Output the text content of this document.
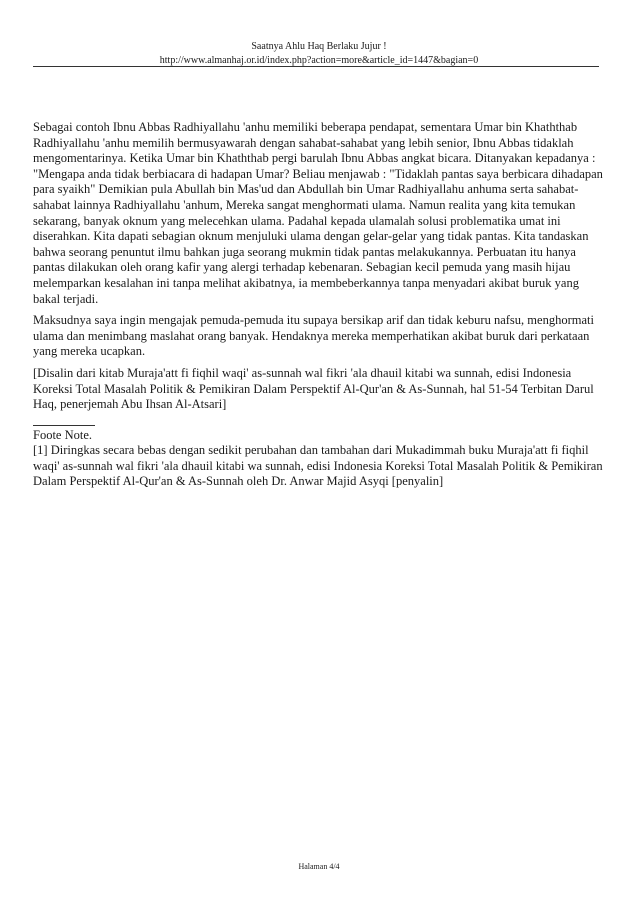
Saatnya Ahlu Haq Berlaku Jujur !
http://www.almanhaj.or.id/index.php?action=more&article_id=1447&bagian=0

Sebagai contoh Ibnu Abbas Radhiyallahu 'anhu memiliki beberapa pendapat, sementara Umar bin Khaththab Radhiyallahu 'anhu memilih bermusyawarah dengan sahabat-sahabat yang lebih senior, Ibnu Abbas tidaklah mengomentarinya. Ketika Umar bin Khaththab pergi barulah Ibnu Abbas angkat bicara. Ditanyakan kepadanya : "Mengapa anda tidak berbiacara di hadapan Umar? Beliau menjawab : "Tidaklah pantas saya berbicara dihadapan para syaikh" Demikian pula Abullah bin Mas'ud dan Abdullah bin Umar Radhiyallahu anhuma serta sahabat-sahabat lainnya Radhiyallahu 'anhum, Mereka sangat menghormati ulama. Namun realita yang kita temukan sekarang, banyak oknum yang melecehkan ulama. Padahal kepada ulamalah solusi problematika umat ini diserahkan. Kita dapati sebagian oknum menjuluki ulama dengan gelar-gelar yang tidak pantas. Kita tandaskan bahwa seorang penuntut ilmu bahkan juga seorang mukmin tidak pantas melakukannya. Perbuatan itu hanya pantas dilakukan oleh orang kafir yang alergi terhadap kebenaran. Sebagian kecil pemuda yang masih hijau melemparkan kesalahan ini tanpa melihat akibatnya, ia membeberkannya tanpa menyadari akibat buruk yang bakal terjadi.

Maksudnya saya ingin mengajak pemuda-pemuda itu supaya bersikap arif dan tidak keburu nafsu, menghormati ulama dan menimbang maslahat orang banyak. Hendaknya mereka memperhatikan akibat buruk dari perkataan yang mereka ucapkan.

[Disalin dari kitab Muraja'att fi fiqhil waqi' as-sunnah wal fikri 'ala dhauil kitabi wa sunnah, edisi Indonesia Koreksi Total Masalah Politik & Pemikiran Dalam Perspektif Al-Qur'an & As-Sunnah, hal 51-54 Terbitan Darul Haq, penerjemah Abu Ihsan Al-Atsari]

Foote Note.

[1] Diringkas secara bebas dengan sedikit perubahan dan tambahan dari Mukadimmah buku Muraja'att fi fiqhil waqi' as-sunnah wal fikri 'ala dhauil kitabi wa sunnah, edisi Indonesia Koreksi Total Masalah Politik & Pemikiran Dalam Perspektif Al-Qur'an & As-Sunnah oleh Dr. Anwar Majid Asyqi [penyalin]

Halaman 4/4
